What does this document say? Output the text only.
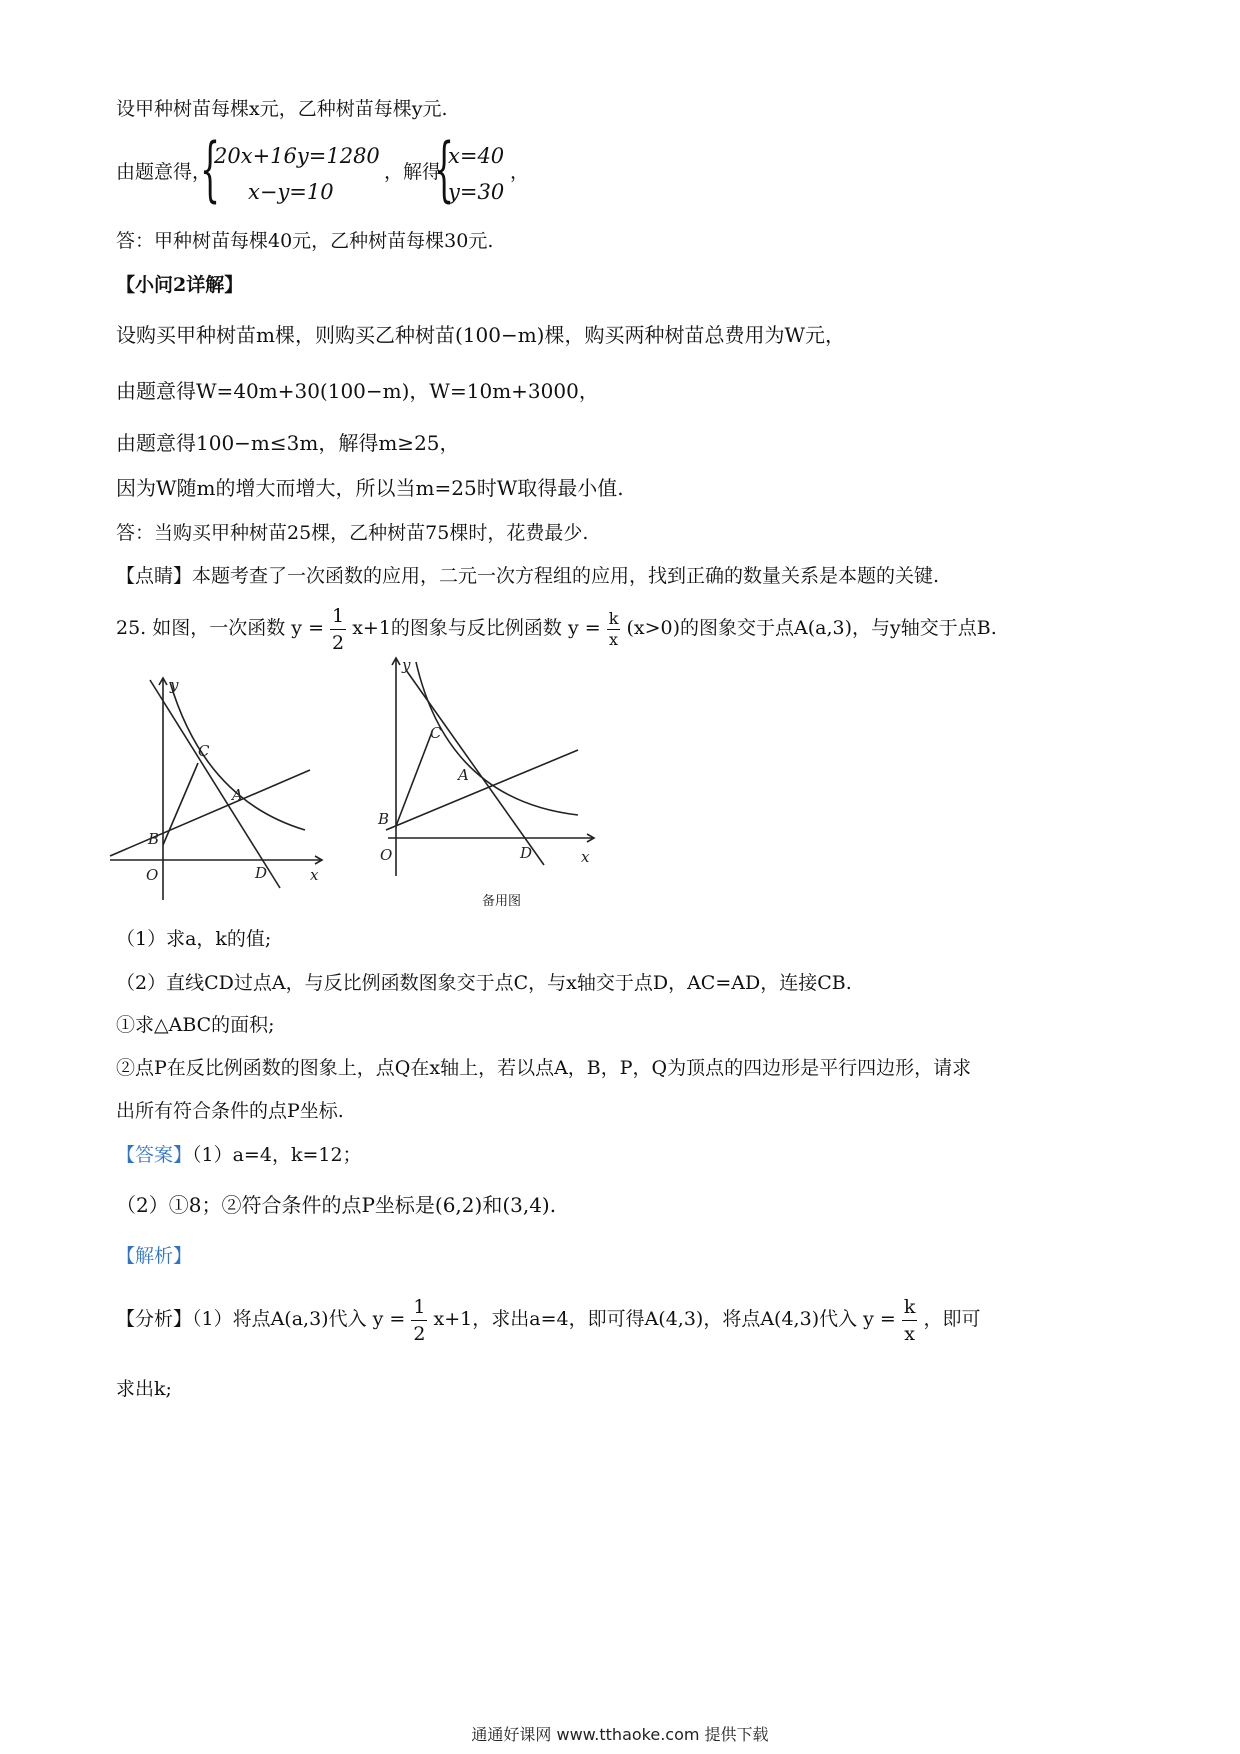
设甲种树苗每棵x元，乙种树苗每棵y元.
由题意得，
{
20x+16y=1280
x−y=10
，解得
{
x=40
y=30
，
答：甲种树苗每棵40元，乙种树苗每棵30元.
【小问2详解】
设购买甲种树苗m棵，则购买乙种树苗(100−m)棵，购买两种树苗总费用为W元，
由题意得W=40m+30(100−m)，W=10m+3000，
由题意得100−m≤3m，解得m≥25，
因为W随m的增大而增大，所以当m=25时W取得最小值.
答：当购买甲种树苗25棵，乙种树苗75棵时，花费最少.
【点睛】本题考查了一次函数的应用，二元一次方程组的应用，找到正确的数量关系是本题的关键.
25. 如图，一次函数 $y = \frac{1}{2} x+1$的图象与反比例函数 $y = \frac{k}{x} (x>0)$的图象交于点A(a,3)，与y轴交于点B.
y
x
O
B
C
A
D
y
x
O
B
C
A
D
备用图
（1）求a，k的值;
（2）直线CD过点A，与反比例函数图象交于点C，与x轴交于点D，AC=AD，连接CB.
①求△ABC的面积;
②点P在反比例函数的图象上，点Q在x轴上，若以点A，B，P，Q为顶点的四边形是平行四边形，请求
出所有符合条件的点P坐标.
【答案】（1）a=4，k=12；
（2）①8；②符合条件的点P坐标是(6,2)和(3,4).
【解析】
【分析】（1）将点A(a,3)代入 $y = \frac{1}{2} x+1$，求出a=4，即可得A(4,3)，将点A(4,3)代入 $y = \frac{k}{x}$ ，即可
求出k;
通通好课网 www.tthaoke.com 提供下载
